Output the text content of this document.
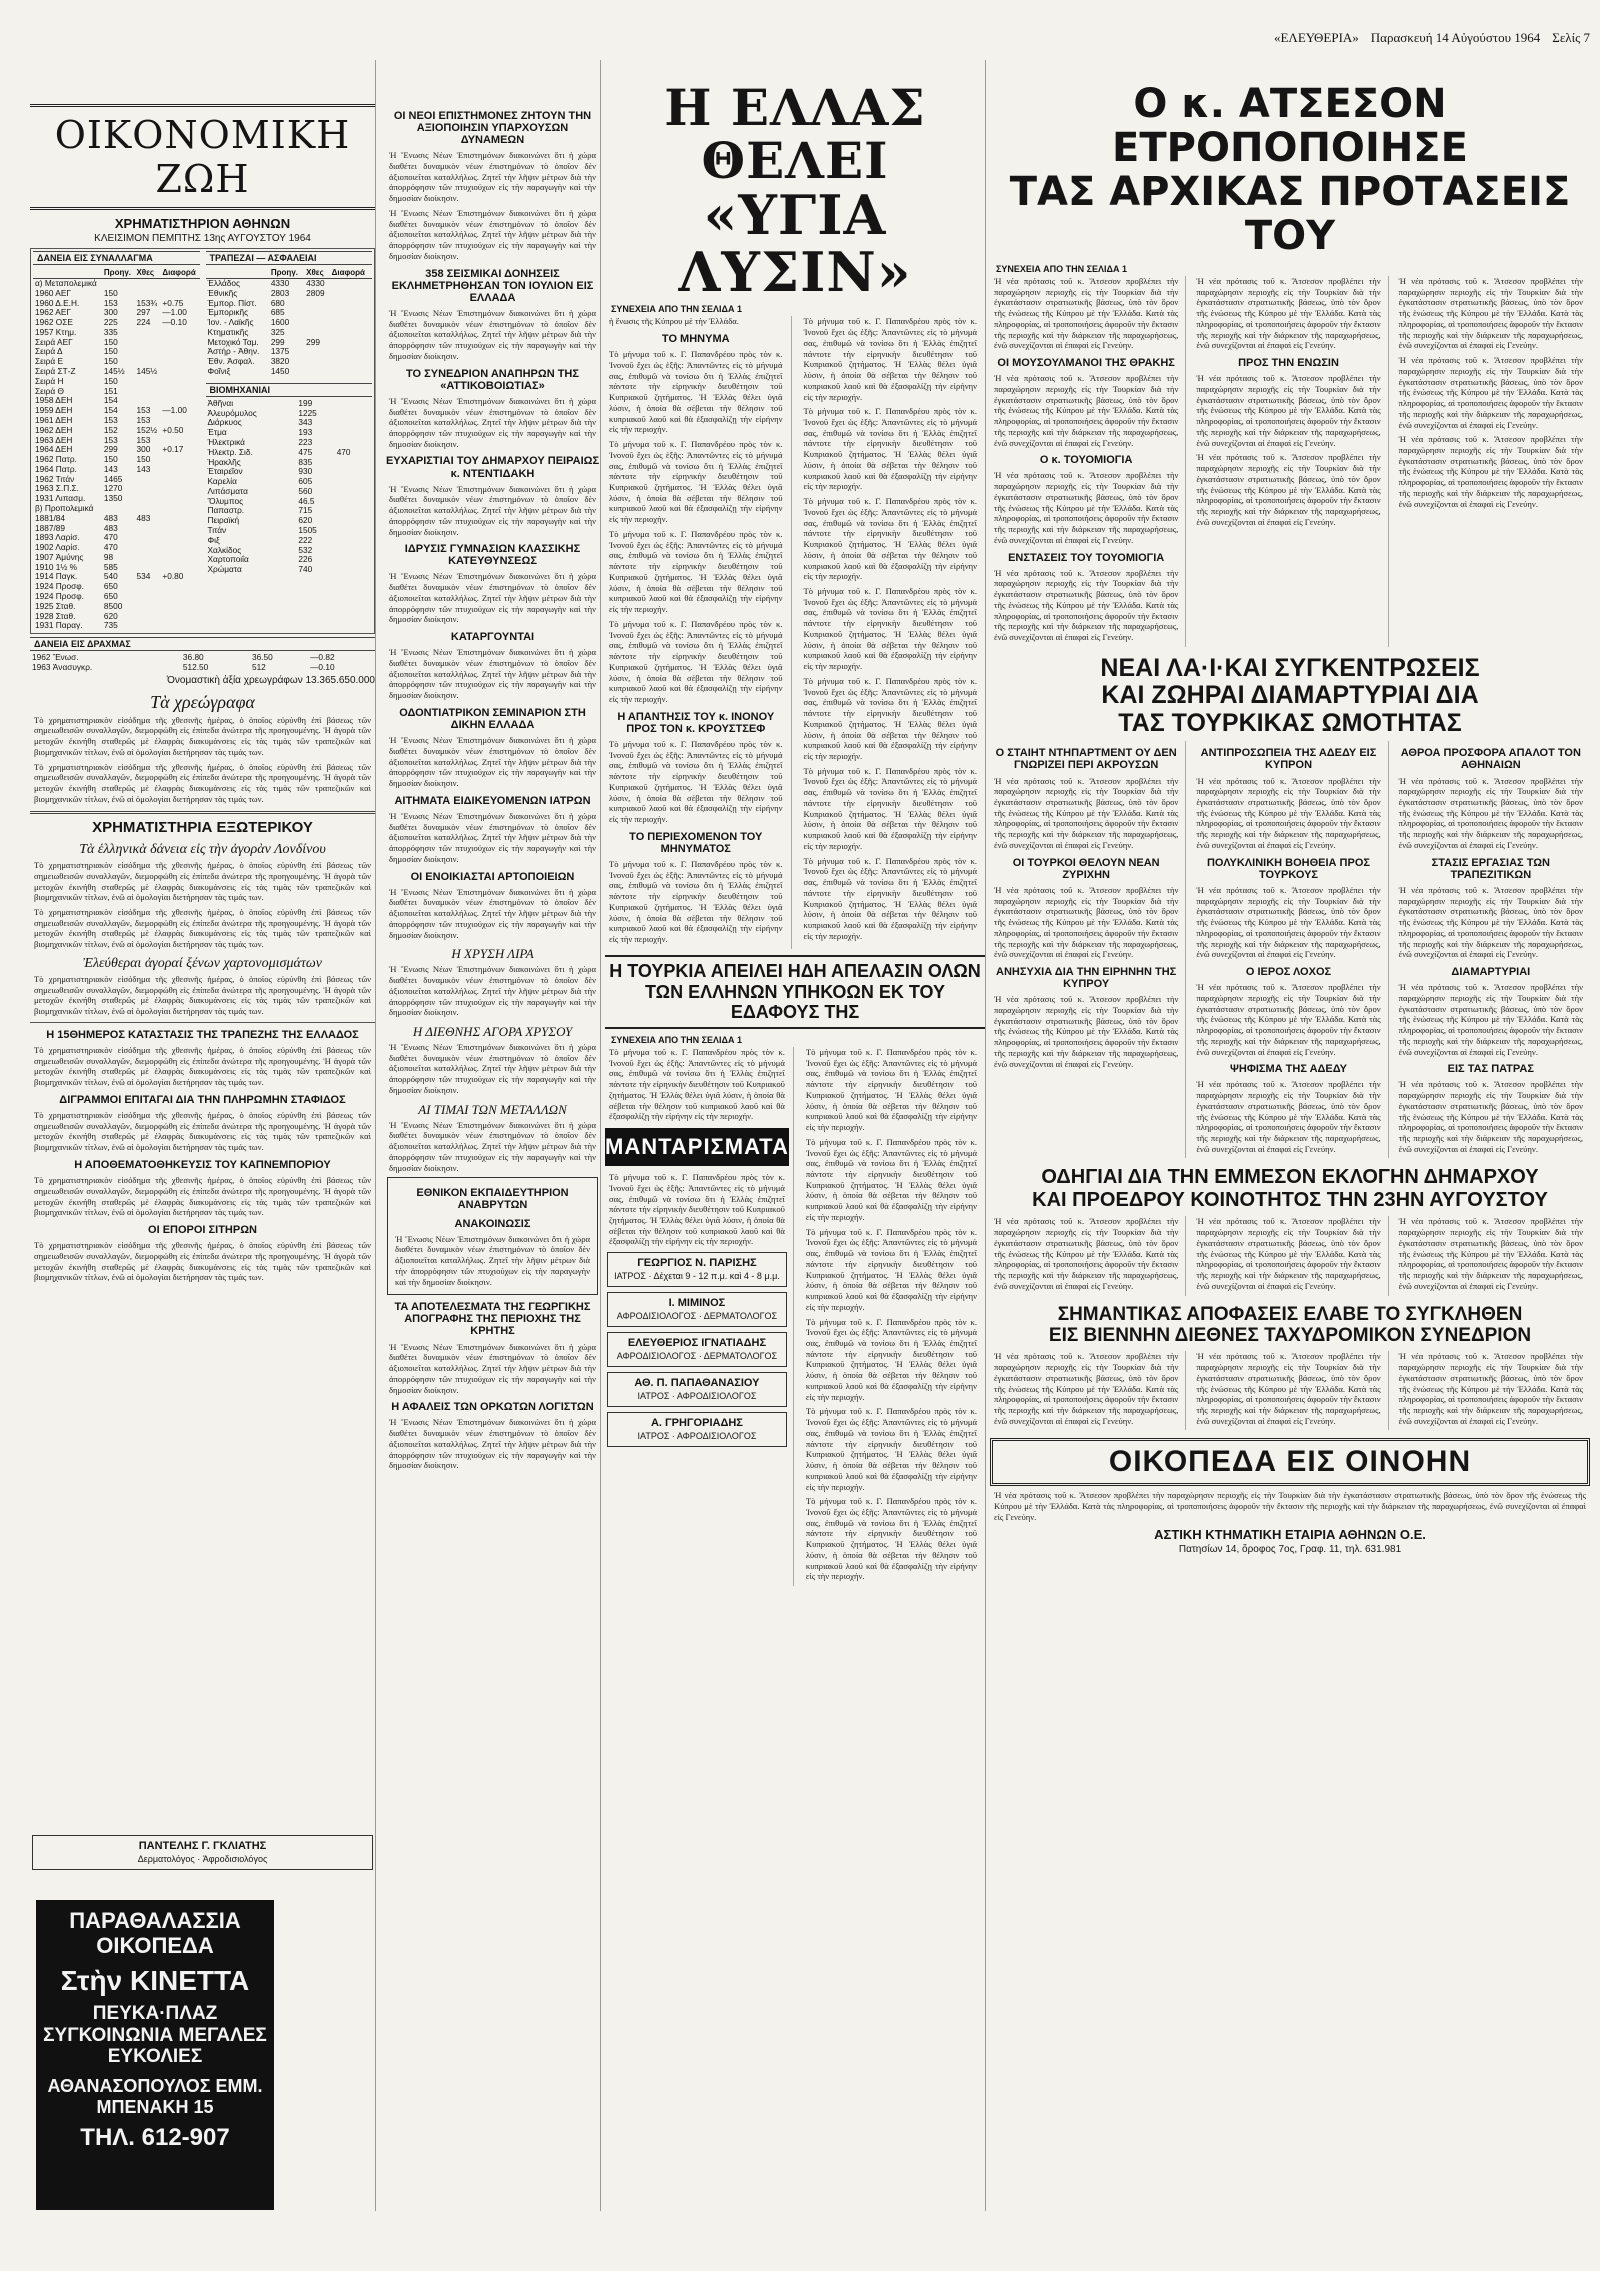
«ΕΛΕΥΘΕΡΙΑ» Παρασκευή 14 Αὐγούστου 1964 Σελίς 7
ΟΙΚΟΝΟΜΙΚΗ ΖΩΗ
ΧΡΗΜΑΤΙΣΤΗΡΙΟΝ ΑΘΗΝΩΝ
ΚΛΕΙΣΙΜΟΝ ΠΕΜΠΤΗΣ 13ης ΑΥΓΟΥΣΤΟΥ 1964
ΔΑΝΕΙΑ ΕΙΣ ΣΥΝΑΛΛΑΓΜΑ
	Προηγ.	Χθες	Διαφορά
α) Μεταπολεμικά			
1960 ΑΕΓ	150		
1960 Δ.Ε.Η.	153	153¾	+0.75
1962 ΑΕΓ	300	297	—1.00
1962 ΟΣΕ	225	224	—0.10
1957 Κτημ.	335		
Σειρά ΑΕΓ	150		
Σειρά Δ	150		
Σειρά Ε	150		
Σειρά ΣΤ-Ζ	145½	145½	
Σειρά Η	150		
Σειρά Θ	151		
1958 ΔΕΗ	154		
1959 ΔΕΗ	154	153	—1.00
1961 ΔΕΗ	153	153	
1962 ΔΕΗ	152	152½	+0.50
1963 ΔΕΗ	153	153	
1964 ΔΕΗ	299	300	+0.17
1962 Πατρ.	150	150	
1964 Πατρ.	143	143	
1962 Τιτάν	1465		
1963 Σ.Π.Σ.	1270		
1931 Λιπασμ.	1350		
β) Προπολεμικά			
1881/84	483	483	
1887/89	483		
1893 Λαρίσ.	470		
1902 Λαρίσ.	470		
1907 Ἀμύνης	98		
1910 1½ %	585		
1914 Παγκ.	540	534	+0.80
1924 Προσφ.	650		
1924 Προσφ.	650		
1925 Σταθ.	8500		
1928 Σταθ.	620		
1931 Παραγ.	735		
ΤΡΑΠΕΖΑΙ — ΑΣΦΑΛΕΙΑΙ
	Προηγ.	Χθες	Διαφορά
Ἑλλάδος	4330	4330	
Ἐθνικῆς	2803	2809	
Ἐμπορ. Πίστ.	680		
Ἐμπορικῆς	685		
Ἰον. - Λαϊκῆς	1600		
Κτηματικῆς	325		
Μετοχικό Ταμ.	299	299	
Ἀστήρ - Ἀθην.	1375		
Ἐθν. Ἀσφαλ.	3820		
Φοῖνιξ	1450		
ΒΙΟΜΗΧΑΝΙΑΙ
Ἀθῆναι	199		
Ἀλευρόμυλος	1225		
Διάρκυος	343		
Ἐτμα	193		
Ἠλεκτρικά	223		
Ἠλεκτρ. Σιδ.	475	470	
Ἡρακλῆς	835		
Ἑταιρεῖον	930		
Καρελία	605		
Λιπάσματα	560		
Ὄλυμπος	46.5		
Παπαστρ.	715		
Πειραϊκή	620		
Τιτάν	1505		
Φιξ	222		
Χαλκίδος	532		
Χαρτοποιΐα	226		
Χρώματα	740		
ΔΑΝΕΙΑ ΕΙΣ ΔΡΑΧΜΑΣ
1962 Ἔνωσ.	36.80	36.50	—0.82
1963 Ἀνασυγκρ.	512.50	512	—0.10
Ὀνομαστικὴ ἀξία χρεωγράφων 13.365.650.000
Τὰ χρεώγραφα

Τὸ χρηματιστηριακὸν εἰσόδημα τῆς χθεσινῆς ἡμέρας, ὁ ὁποῖος εὐρύνθη ἐπὶ βάσεως τῶν σημειωθεισῶν συναλλαγῶν, διεμορφώθη εἰς ἐπίπεδα ἀνώτερα τῆς προηγουμένης. Ἡ ἀγορὰ τῶν μετοχῶν ἐκινήθη σταθερῶς μὲ ἐλαφρὰς διακυμάνσεις εἰς τὰς τιμὰς τῶν τραπεζικῶν καὶ βιομηχανικῶν τίτλων, ἐνῶ αἱ ὁμολογίαι διετήρησαν τὰς τιμάς των.

Τὸ χρηματιστηριακὸν εἰσόδημα τῆς χθεσινῆς ἡμέρας, ὁ ὁποῖος εὐρύνθη ἐπὶ βάσεως τῶν σημειωθεισῶν συναλλαγῶν, διεμορφώθη εἰς ἐπίπεδα ἀνώτερα τῆς προηγουμένης. Ἡ ἀγορὰ τῶν μετοχῶν ἐκινήθη σταθερῶς μὲ ἐλαφρὰς διακυμάνσεις εἰς τὰς τιμὰς τῶν τραπεζικῶν καὶ βιομηχανικῶν τίτλων, ἐνῶ αἱ ὁμολογίαι διετήρησαν τὰς τιμάς των.

ΧΡΗΜΑΤΙΣΤΗΡΙΑ ΕΞΩΤΕΡΙΚΟΥ
Τὰ ἑλληνικὰ δάνεια εἰς τὴν ἀγορὰν Λονδίνου

Τὸ χρηματιστηριακὸν εἰσόδημα τῆς χθεσινῆς ἡμέρας, ὁ ὁποῖος εὐρύνθη ἐπὶ βάσεως τῶν σημειωθεισῶν συναλλαγῶν, διεμορφώθη εἰς ἐπίπεδα ἀνώτερα τῆς προηγουμένης. Ἡ ἀγορὰ τῶν μετοχῶν ἐκινήθη σταθερῶς μὲ ἐλαφρὰς διακυμάνσεις εἰς τὰς τιμὰς τῶν τραπεζικῶν καὶ βιομηχανικῶν τίτλων, ἐνῶ αἱ ὁμολογίαι διετήρησαν τὰς τιμάς των.

Τὸ χρηματιστηριακὸν εἰσόδημα τῆς χθεσινῆς ἡμέρας, ὁ ὁποῖος εὐρύνθη ἐπὶ βάσεως τῶν σημειωθεισῶν συναλλαγῶν, διεμορφώθη εἰς ἐπίπεδα ἀνώτερα τῆς προηγουμένης. Ἡ ἀγορὰ τῶν μετοχῶν ἐκινήθη σταθερῶς μὲ ἐλαφρὰς διακυμάνσεις εἰς τὰς τιμὰς τῶν τραπεζικῶν καὶ βιομηχανικῶν τίτλων, ἐνῶ αἱ ὁμολογίαι διετήρησαν τὰς τιμάς των.

Ἐλεύθεραι ἀγοραί ξένων χαρτονομισμάτων

Τὸ χρηματιστηριακὸν εἰσόδημα τῆς χθεσινῆς ἡμέρας, ὁ ὁποῖος εὐρύνθη ἐπὶ βάσεως τῶν σημειωθεισῶν συναλλαγῶν, διεμορφώθη εἰς ἐπίπεδα ἀνώτερα τῆς προηγουμένης. Ἡ ἀγορὰ τῶν μετοχῶν ἐκινήθη σταθερῶς μὲ ἐλαφρὰς διακυμάνσεις εἰς τὰς τιμὰς τῶν τραπεζικῶν καὶ βιομηχανικῶν τίτλων, ἐνῶ αἱ ὁμολογίαι διετήρησαν τὰς τιμάς των.

Η 15ΘΗΜΕΡΟΣ ΚΑΤΑΣΤΑΣΙΣ ΤΗΣ ΤΡΑΠΕΖΗΣ ΤΗΣ ΕΛΛΑΔΟΣ

Τὸ χρηματιστηριακὸν εἰσόδημα τῆς χθεσινῆς ἡμέρας, ὁ ὁποῖος εὐρύνθη ἐπὶ βάσεως τῶν σημειωθεισῶν συναλλαγῶν, διεμορφώθη εἰς ἐπίπεδα ἀνώτερα τῆς προηγουμένης. Ἡ ἀγορὰ τῶν μετοχῶν ἐκινήθη σταθερῶς μὲ ἐλαφρὰς διακυμάνσεις εἰς τὰς τιμὰς τῶν τραπεζικῶν καὶ βιομηχανικῶν τίτλων, ἐνῶ αἱ ὁμολογίαι διετήρησαν τὰς τιμάς των.

ΔΙΓΡΑΜΜΟΙ ΕΠΙΤΑΓΑΙ ΔΙΑ ΤΗΝ ΠΛΗΡΩΜΗΝ ΣΤΑΦΙΔΟΣ

Τὸ χρηματιστηριακὸν εἰσόδημα τῆς χθεσινῆς ἡμέρας, ὁ ὁποῖος εὐρύνθη ἐπὶ βάσεως τῶν σημειωθεισῶν συναλλαγῶν, διεμορφώθη εἰς ἐπίπεδα ἀνώτερα τῆς προηγουμένης. Ἡ ἀγορὰ τῶν μετοχῶν ἐκινήθη σταθερῶς μὲ ἐλαφρὰς διακυμάνσεις εἰς τὰς τιμὰς τῶν τραπεζικῶν καὶ βιομηχανικῶν τίτλων, ἐνῶ αἱ ὁμολογίαι διετήρησαν τὰς τιμάς των.

Η ΑΠΟΘΕΜΑΤΟΘΗΚΕΥΣΙΣ ΤΟΥ ΚΑΠΝΕΜΠΟΡΙΟΥ

Τὸ χρηματιστηριακὸν εἰσόδημα τῆς χθεσινῆς ἡμέρας, ὁ ὁποῖος εὐρύνθη ἐπὶ βάσεως τῶν σημειωθεισῶν συναλλαγῶν, διεμορφώθη εἰς ἐπίπεδα ἀνώτερα τῆς προηγουμένης. Ἡ ἀγορὰ τῶν μετοχῶν ἐκινήθη σταθερῶς μὲ ἐλαφρὰς διακυμάνσεις εἰς τὰς τιμὰς τῶν τραπεζικῶν καὶ βιομηχανικῶν τίτλων, ἐνῶ αἱ ὁμολογίαι διετήρησαν τὰς τιμάς των.

ΟΙ ΕΠΟΡΟΙ ΣΙΤΗΡΩΝ

Τὸ χρηματιστηριακὸν εἰσόδημα τῆς χθεσινῆς ἡμέρας, ὁ ὁποῖος εὐρύνθη ἐπὶ βάσεως τῶν σημειωθεισῶν συναλλαγῶν, διεμορφώθη εἰς ἐπίπεδα ἀνώτερα τῆς προηγουμένης. Ἡ ἀγορὰ τῶν μετοχῶν ἐκινήθη σταθερῶς μὲ ἐλαφρὰς διακυμάνσεις εἰς τὰς τιμὰς τῶν τραπεζικῶν καὶ βιομηχανικῶν τίτλων, ἐνῶ αἱ ὁμολογίαι διετήρησαν τὰς τιμάς των.

ΟΙ ΝΕΟΙ ΕΠΙΣΤΗΜΟΝΕΣ ΖΗΤΟΥΝ ΤΗΝ ΑΞΙΟΠΟΙΗΣΙΝ ΥΠΑΡΧΟΥΣΩΝ ΔΥΝΑΜΕΩΝ

Ἡ Ἕνωσις Νέων Ἐπιστημόνων διακοινώνει ὅτι ἡ χώρα διαθέτει δυναμικὸν νέων ἐπιστημόνων τὸ ὁποῖον δὲν ἀξιοποιεῖται καταλλήλως. Ζητεῖ τὴν λῆψιν μέτρων διὰ τὴν ἀπορρόφησιν τῶν πτυχιούχων εἰς τὴν παραγωγὴν καὶ τὴν δημοσίαν διοίκησιν.

Ἡ Ἕνωσις Νέων Ἐπιστημόνων διακοινώνει ὅτι ἡ χώρα διαθέτει δυναμικὸν νέων ἐπιστημόνων τὸ ὁποῖον δὲν ἀξιοποιεῖται καταλλήλως. Ζητεῖ τὴν λῆψιν μέτρων διὰ τὴν ἀπορρόφησιν τῶν πτυχιούχων εἰς τὴν παραγωγὴν καὶ τὴν δημοσίαν διοίκησιν.

358 ΣΕΙΣΜΙΚΑΙ ΔΟΝΗΣΕΙΣ ΕΚΛΗΜΕΤΡΗΘΗΣΑΝ ΤΟΝ ΙΟΥΛΙΟΝ ΕΙΣ ΕΛΛΑΔΑ

Ἡ Ἕνωσις Νέων Ἐπιστημόνων διακοινώνει ὅτι ἡ χώρα διαθέτει δυναμικὸν νέων ἐπιστημόνων τὸ ὁποῖον δὲν ἀξιοποιεῖται καταλλήλως. Ζητεῖ τὴν λῆψιν μέτρων διὰ τὴν ἀπορρόφησιν τῶν πτυχιούχων εἰς τὴν παραγωγὴν καὶ τὴν δημοσίαν διοίκησιν.

ΤΟ ΣΥΝΕΔΡΙΟΝ ΑΝΑΠΗΡΩΝ ΤΗΣ «ΑΤΤΙΚΟΒΟΙΩΤΙΑΣ»

Ἡ Ἕνωσις Νέων Ἐπιστημόνων διακοινώνει ὅτι ἡ χώρα διαθέτει δυναμικὸν νέων ἐπιστημόνων τὸ ὁποῖον δὲν ἀξιοποιεῖται καταλλήλως. Ζητεῖ τὴν λῆψιν μέτρων διὰ τὴν ἀπορρόφησιν τῶν πτυχιούχων εἰς τὴν παραγωγὴν καὶ τὴν δημοσίαν διοίκησιν.

ΕΥΧΑΡΙΣΤΙΑΙ ΤΟΥ ΔΗΜΑΡΧΟΥ ΠΕΙΡΑΙΩΣ κ. ΝΤΕΝΤΙΔΑΚΗ

Ἡ Ἕνωσις Νέων Ἐπιστημόνων διακοινώνει ὅτι ἡ χώρα διαθέτει δυναμικὸν νέων ἐπιστημόνων τὸ ὁποῖον δὲν ἀξιοποιεῖται καταλλήλως. Ζητεῖ τὴν λῆψιν μέτρων διὰ τὴν ἀπορρόφησιν τῶν πτυχιούχων εἰς τὴν παραγωγὴν καὶ τὴν δημοσίαν διοίκησιν.

ΙΔΡΥΣΙΣ ΓΥΜΝΑΣΙΩΝ ΚΛΑΣΣΙΚΗΣ ΚΑΤΕΥΘΥΝΣΕΩΣ

Ἡ Ἕνωσις Νέων Ἐπιστημόνων διακοινώνει ὅτι ἡ χώρα διαθέτει δυναμικὸν νέων ἐπιστημόνων τὸ ὁποῖον δὲν ἀξιοποιεῖται καταλλήλως. Ζητεῖ τὴν λῆψιν μέτρων διὰ τὴν ἀπορρόφησιν τῶν πτυχιούχων εἰς τὴν παραγωγὴν καὶ τὴν δημοσίαν διοίκησιν.

ΚΑΤΑΡΓΟΥΝΤΑΙ

Ἡ Ἕνωσις Νέων Ἐπιστημόνων διακοινώνει ὅτι ἡ χώρα διαθέτει δυναμικὸν νέων ἐπιστημόνων τὸ ὁποῖον δὲν ἀξιοποιεῖται καταλλήλως. Ζητεῖ τὴν λῆψιν μέτρων διὰ τὴν ἀπορρόφησιν τῶν πτυχιούχων εἰς τὴν παραγωγὴν καὶ τὴν δημοσίαν διοίκησιν.

ΟΔΟΝΤΙΑΤΡΙΚΟΝ ΣΕΜΙΝΑΡΙΟΝ ΣΤΗ ΔΙΚΗΝ ΕΛΛΑΔΑ

Ἡ Ἕνωσις Νέων Ἐπιστημόνων διακοινώνει ὅτι ἡ χώρα διαθέτει δυναμικὸν νέων ἐπιστημόνων τὸ ὁποῖον δὲν ἀξιοποιεῖται καταλλήλως. Ζητεῖ τὴν λῆψιν μέτρων διὰ τὴν ἀπορρόφησιν τῶν πτυχιούχων εἰς τὴν παραγωγὴν καὶ τὴν δημοσίαν διοίκησιν.

ΑΙΤΗΜΑΤΑ ΕΙΔΙΚΕΥΟΜΕΝΩΝ ΙΑΤΡΩΝ

Ἡ Ἕνωσις Νέων Ἐπιστημόνων διακοινώνει ὅτι ἡ χώρα διαθέτει δυναμικὸν νέων ἐπιστημόνων τὸ ὁποῖον δὲν ἀξιοποιεῖται καταλλήλως. Ζητεῖ τὴν λῆψιν μέτρων διὰ τὴν ἀπορρόφησιν τῶν πτυχιούχων εἰς τὴν παραγωγὴν καὶ τὴν δημοσίαν διοίκησιν.

ΟΙ ΕΝΟΙΚΙΑΣΤΑΙ ΑΡΤΟΠΟΙΕΙΩΝ

Ἡ Ἕνωσις Νέων Ἐπιστημόνων διακοινώνει ὅτι ἡ χώρα διαθέτει δυναμικὸν νέων ἐπιστημόνων τὸ ὁποῖον δὲν ἀξιοποιεῖται καταλλήλως. Ζητεῖ τὴν λῆψιν μέτρων διὰ τὴν ἀπορρόφησιν τῶν πτυχιούχων εἰς τὴν παραγωγὴν καὶ τὴν δημοσίαν διοίκησιν.

Η ΧΡΥΣΗ ΛΙΡΑ

Ἡ Ἕνωσις Νέων Ἐπιστημόνων διακοινώνει ὅτι ἡ χώρα διαθέτει δυναμικὸν νέων ἐπιστημόνων τὸ ὁποῖον δὲν ἀξιοποιεῖται καταλλήλως. Ζητεῖ τὴν λῆψιν μέτρων διὰ τὴν ἀπορρόφησιν τῶν πτυχιούχων εἰς τὴν παραγωγὴν καὶ τὴν δημοσίαν διοίκησιν.

Η ΔΙΕΘΝΗΣ ΑΓΟΡΑ ΧΡΥΣΟΥ

Ἡ Ἕνωσις Νέων Ἐπιστημόνων διακοινώνει ὅτι ἡ χώρα διαθέτει δυναμικὸν νέων ἐπιστημόνων τὸ ὁποῖον δὲν ἀξιοποιεῖται καταλλήλως. Ζητεῖ τὴν λῆψιν μέτρων διὰ τὴν ἀπορρόφησιν τῶν πτυχιούχων εἰς τὴν παραγωγὴν καὶ τὴν δημοσίαν διοίκησιν.

ΑΙ ΤΙΜΑΙ ΤΩΝ ΜΕΤΑΛΛΩΝ

Ἡ Ἕνωσις Νέων Ἐπιστημόνων διακοινώνει ὅτι ἡ χώρα διαθέτει δυναμικὸν νέων ἐπιστημόνων τὸ ὁποῖον δὲν ἀξιοποιεῖται καταλλήλως. Ζητεῖ τὴν λῆψιν μέτρων διὰ τὴν ἀπορρόφησιν τῶν πτυχιούχων εἰς τὴν παραγωγὴν καὶ τὴν δημοσίαν διοίκησιν.

ΕΘΝΙΚΟΝ ΕΚΠΑΙΔΕΥΤΗΡΙΟΝ ΑΝΑΒΡΥΤΩΝ
ΑΝΑΚΟΙΝΩΣΙΣ

Ἡ Ἕνωσις Νέων Ἐπιστημόνων διακοινώνει ὅτι ἡ χώρα διαθέτει δυναμικὸν νέων ἐπιστημόνων τὸ ὁποῖον δὲν ἀξιοποιεῖται καταλλήλως. Ζητεῖ τὴν λῆψιν μέτρων διὰ τὴν ἀπορρόφησιν τῶν πτυχιούχων εἰς τὴν παραγωγὴν καὶ τὴν δημοσίαν διοίκησιν.

ΤΑ ΑΠΟΤΕΛΕΣΜΑΤΑ ΤΗΣ ΓΕΩΡΓΙΚΗΣ ΑΠΟΓΡΑΦΗΣ ΤΗΣ ΠΕΡΙΟΧΗΣ ΤΗΣ ΚΡΗΤΗΣ

Ἡ Ἕνωσις Νέων Ἐπιστημόνων διακοινώνει ὅτι ἡ χώρα διαθέτει δυναμικὸν νέων ἐπιστημόνων τὸ ὁποῖον δὲν ἀξιοποιεῖται καταλλήλως. Ζητεῖ τὴν λῆψιν μέτρων διὰ τὴν ἀπορρόφησιν τῶν πτυχιούχων εἰς τὴν παραγωγὴν καὶ τὴν δημοσίαν διοίκησιν.

Η ΑΦΑΛΕΙΣ ΤΩΝ ΟΡΚΩΤΩΝ ΛΟΓΙΣΤΩΝ

Ἡ Ἕνωσις Νέων Ἐπιστημόνων διακοινώνει ὅτι ἡ χώρα διαθέτει δυναμικὸν νέων ἐπιστημόνων τὸ ὁποῖον δὲν ἀξιοποιεῖται καταλλήλως. Ζητεῖ τὴν λῆψιν μέτρων διὰ τὴν ἀπορρόφησιν τῶν πτυχιούχων εἰς τὴν παραγωγὴν καὶ τὴν δημοσίαν διοίκησιν.

ΠΑΝΤΕΛΗΣ Γ. ΓΚΛΙΑΤΗΣ
Δερματολόγος · Ἀφροδισιολόγος
ΠΑΡΑΘΑΛΑΣΣΙΑ ΟΙΚΟΠΕΔΑ
Στὴν ΚΙΝΕΤΤΑ
ΠΕΥΚΑ·ΠΛΑΖ ΣΥΓΚΟΙΝΩΝΙΑ ΜΕΓΑΛΕΣ ΕΥΚΟΛΙΕΣ
ΑΘΑΝΑΣΟΠΟΥΛΟΣ ΕΜΜ. ΜΠΕΝΑΚΗ 15
ΤΗΛ. 612-907
Η ΕΛΛΑΣ ΘΕΛΕΙ
«ΥΓΙΑ ΛΥΣΙΝ»
ΣΥΝΕΧΕΙΑ ΑΠΟ ΤΗΝ ΣΕΛΙΔΑ 1

ἡ ἕνωσις τῆς Κύπρου μὲ τὴν Ἑλλάδα.

ΤΟ ΜΗΝΥΜΑ

Τὸ μήνυμα τοῦ κ. Γ. Παπανδρέου πρὸς τὸν κ. Ἰνονοῦ ἔχει ὡς ἑξῆς: Ἀπαντῶντες εἰς τὸ μήνυμά σας, ἐπιθυμῶ νὰ τονίσω ὅτι ἡ Ἑλλὰς ἐπιζητεῖ πάντοτε τὴν εἰρηνικὴν διευθέτησιν τοῦ Κυπριακοῦ ζητήματος. Ἡ Ἑλλὰς θέλει ὑγιᾶ λύσιν, ἡ ὁποία θὰ σέβεται τὴν θέλησιν τοῦ κυπριακοῦ λαοῦ καὶ θὰ ἐξασφαλίζῃ τὴν εἰρήνην εἰς τὴν περιοχήν.

Τὸ μήνυμα τοῦ κ. Γ. Παπανδρέου πρὸς τὸν κ. Ἰνονοῦ ἔχει ὡς ἑξῆς: Ἀπαντῶντες εἰς τὸ μήνυμά σας, ἐπιθυμῶ νὰ τονίσω ὅτι ἡ Ἑλλὰς ἐπιζητεῖ πάντοτε τὴν εἰρηνικὴν διευθέτησιν τοῦ Κυπριακοῦ ζητήματος. Ἡ Ἑλλὰς θέλει ὑγιᾶ λύσιν, ἡ ὁποία θὰ σέβεται τὴν θέλησιν τοῦ κυπριακοῦ λαοῦ καὶ θὰ ἐξασφαλίζῃ τὴν εἰρήνην εἰς τὴν περιοχήν.

Τὸ μήνυμα τοῦ κ. Γ. Παπανδρέου πρὸς τὸν κ. Ἰνονοῦ ἔχει ὡς ἑξῆς: Ἀπαντῶντες εἰς τὸ μήνυμά σας, ἐπιθυμῶ νὰ τονίσω ὅτι ἡ Ἑλλὰς ἐπιζητεῖ πάντοτε τὴν εἰρηνικὴν διευθέτησιν τοῦ Κυπριακοῦ ζητήματος. Ἡ Ἑλλὰς θέλει ὑγιᾶ λύσιν, ἡ ὁποία θὰ σέβεται τὴν θέλησιν τοῦ κυπριακοῦ λαοῦ καὶ θὰ ἐξασφαλίζῃ τὴν εἰρήνην εἰς τὴν περιοχήν.

Τὸ μήνυμα τοῦ κ. Γ. Παπανδρέου πρὸς τὸν κ. Ἰνονοῦ ἔχει ὡς ἑξῆς: Ἀπαντῶντες εἰς τὸ μήνυμά σας, ἐπιθυμῶ νὰ τονίσω ὅτι ἡ Ἑλλὰς ἐπιζητεῖ πάντοτε τὴν εἰρηνικὴν διευθέτησιν τοῦ Κυπριακοῦ ζητήματος. Ἡ Ἑλλὰς θέλει ὑγιᾶ λύσιν, ἡ ὁποία θὰ σέβεται τὴν θέλησιν τοῦ κυπριακοῦ λαοῦ καὶ θὰ ἐξασφαλίζῃ τὴν εἰρήνην εἰς τὴν περιοχήν.

Η ΑΠΑΝΤΗΣΙΣ ΤΟΥ κ. ΙΝΟΝΟΥ ΠΡΟΣ ΤΟΝ κ. ΚΡΟΥΣΤΣΕΦ

Τὸ μήνυμα τοῦ κ. Γ. Παπανδρέου πρὸς τὸν κ. Ἰνονοῦ ἔχει ὡς ἑξῆς: Ἀπαντῶντες εἰς τὸ μήνυμά σας, ἐπιθυμῶ νὰ τονίσω ὅτι ἡ Ἑλλὰς ἐπιζητεῖ πάντοτε τὴν εἰρηνικὴν διευθέτησιν τοῦ Κυπριακοῦ ζητήματος. Ἡ Ἑλλὰς θέλει ὑγιᾶ λύσιν, ἡ ὁποία θὰ σέβεται τὴν θέλησιν τοῦ κυπριακοῦ λαοῦ καὶ θὰ ἐξασφαλίζῃ τὴν εἰρήνην εἰς τὴν περιοχήν.

ΤΟ ΠΕΡΙΕΧΟΜΕΝΟΝ ΤΟΥ ΜΗΝΥΜΑΤΟΣ

Τὸ μήνυμα τοῦ κ. Γ. Παπανδρέου πρὸς τὸν κ. Ἰνονοῦ ἔχει ὡς ἑξῆς: Ἀπαντῶντες εἰς τὸ μήνυμά σας, ἐπιθυμῶ νὰ τονίσω ὅτι ἡ Ἑλλὰς ἐπιζητεῖ πάντοτε τὴν εἰρηνικὴν διευθέτησιν τοῦ Κυπριακοῦ ζητήματος. Ἡ Ἑλλὰς θέλει ὑγιᾶ λύσιν, ἡ ὁποία θὰ σέβεται τὴν θέλησιν τοῦ κυπριακοῦ λαοῦ καὶ θὰ ἐξασφαλίζῃ τὴν εἰρήνην εἰς τὴν περιοχήν.

Τὸ μήνυμα τοῦ κ. Γ. Παπανδρέου πρὸς τὸν κ. Ἰνονοῦ ἔχει ὡς ἑξῆς: Ἀπαντῶντες εἰς τὸ μήνυμά σας, ἐπιθυμῶ νὰ τονίσω ὅτι ἡ Ἑλλὰς ἐπιζητεῖ πάντοτε τὴν εἰρηνικὴν διευθέτησιν τοῦ Κυπριακοῦ ζητήματος. Ἡ Ἑλλὰς θέλει ὑγιᾶ λύσιν, ἡ ὁποία θὰ σέβεται τὴν θέλησιν τοῦ κυπριακοῦ λαοῦ καὶ θὰ ἐξασφαλίζῃ τὴν εἰρήνην εἰς τὴν περιοχήν.

Τὸ μήνυμα τοῦ κ. Γ. Παπανδρέου πρὸς τὸν κ. Ἰνονοῦ ἔχει ὡς ἑξῆς: Ἀπαντῶντες εἰς τὸ μήνυμά σας, ἐπιθυμῶ νὰ τονίσω ὅτι ἡ Ἑλλὰς ἐπιζητεῖ πάντοτε τὴν εἰρηνικὴν διευθέτησιν τοῦ Κυπριακοῦ ζητήματος. Ἡ Ἑλλὰς θέλει ὑγιᾶ λύσιν, ἡ ὁποία θὰ σέβεται τὴν θέλησιν τοῦ κυπριακοῦ λαοῦ καὶ θὰ ἐξασφαλίζῃ τὴν εἰρήνην εἰς τὴν περιοχήν.

Τὸ μήνυμα τοῦ κ. Γ. Παπανδρέου πρὸς τὸν κ. Ἰνονοῦ ἔχει ὡς ἑξῆς: Ἀπαντῶντες εἰς τὸ μήνυμά σας, ἐπιθυμῶ νὰ τονίσω ὅτι ἡ Ἑλλὰς ἐπιζητεῖ πάντοτε τὴν εἰρηνικὴν διευθέτησιν τοῦ Κυπριακοῦ ζητήματος. Ἡ Ἑλλὰς θέλει ὑγιᾶ λύσιν, ἡ ὁποία θὰ σέβεται τὴν θέλησιν τοῦ κυπριακοῦ λαοῦ καὶ θὰ ἐξασφαλίζῃ τὴν εἰρήνην εἰς τὴν περιοχήν.

Τὸ μήνυμα τοῦ κ. Γ. Παπανδρέου πρὸς τὸν κ. Ἰνονοῦ ἔχει ὡς ἑξῆς: Ἀπαντῶντες εἰς τὸ μήνυμά σας, ἐπιθυμῶ νὰ τονίσω ὅτι ἡ Ἑλλὰς ἐπιζητεῖ πάντοτε τὴν εἰρηνικὴν διευθέτησιν τοῦ Κυπριακοῦ ζητήματος. Ἡ Ἑλλὰς θέλει ὑγιᾶ λύσιν, ἡ ὁποία θὰ σέβεται τὴν θέλησιν τοῦ κυπριακοῦ λαοῦ καὶ θὰ ἐξασφαλίζῃ τὴν εἰρήνην εἰς τὴν περιοχήν.

Τὸ μήνυμα τοῦ κ. Γ. Παπανδρέου πρὸς τὸν κ. Ἰνονοῦ ἔχει ὡς ἑξῆς: Ἀπαντῶντες εἰς τὸ μήνυμά σας, ἐπιθυμῶ νὰ τονίσω ὅτι ἡ Ἑλλὰς ἐπιζητεῖ πάντοτε τὴν εἰρηνικὴν διευθέτησιν τοῦ Κυπριακοῦ ζητήματος. Ἡ Ἑλλὰς θέλει ὑγιᾶ λύσιν, ἡ ὁποία θὰ σέβεται τὴν θέλησιν τοῦ κυπριακοῦ λαοῦ καὶ θὰ ἐξασφαλίζῃ τὴν εἰρήνην εἰς τὴν περιοχήν.

Τὸ μήνυμα τοῦ κ. Γ. Παπανδρέου πρὸς τὸν κ. Ἰνονοῦ ἔχει ὡς ἑξῆς: Ἀπαντῶντες εἰς τὸ μήνυμά σας, ἐπιθυμῶ νὰ τονίσω ὅτι ἡ Ἑλλὰς ἐπιζητεῖ πάντοτε τὴν εἰρηνικὴν διευθέτησιν τοῦ Κυπριακοῦ ζητήματος. Ἡ Ἑλλὰς θέλει ὑγιᾶ λύσιν, ἡ ὁποία θὰ σέβεται τὴν θέλησιν τοῦ κυπριακοῦ λαοῦ καὶ θὰ ἐξασφαλίζῃ τὴν εἰρήνην εἰς τὴν περιοχήν.

Τὸ μήνυμα τοῦ κ. Γ. Παπανδρέου πρὸς τὸν κ. Ἰνονοῦ ἔχει ὡς ἑξῆς: Ἀπαντῶντες εἰς τὸ μήνυμά σας, ἐπιθυμῶ νὰ τονίσω ὅτι ἡ Ἑλλὰς ἐπιζητεῖ πάντοτε τὴν εἰρηνικὴν διευθέτησιν τοῦ Κυπριακοῦ ζητήματος. Ἡ Ἑλλὰς θέλει ὑγιᾶ λύσιν, ἡ ὁποία θὰ σέβεται τὴν θέλησιν τοῦ κυπριακοῦ λαοῦ καὶ θὰ ἐξασφαλίζῃ τὴν εἰρήνην εἰς τὴν περιοχήν.

Η ΤΟΥΡΚΙΑ ΑΠΕΙΛΕΙ ΗΔΗ ΑΠΕΛΑΣΙΝ ΟΛΩΝ ΤΩΝ ΕΛΛΗΝΩΝ ΥΠΗΚΟΩΝ ΕΚ ΤΟΥ ΕΔΑΦΟΥΣ ΤΗΣ
ΣΥΝΕΧΕΙΑ ΑΠΟ ΤΗΝ ΣΕΛΙΔΑ 1

Τὸ μήνυμα τοῦ κ. Γ. Παπανδρέου πρὸς τὸν κ. Ἰνονοῦ ἔχει ὡς ἑξῆς: Ἀπαντῶντες εἰς τὸ μήνυμά σας, ἐπιθυμῶ νὰ τονίσω ὅτι ἡ Ἑλλὰς ἐπιζητεῖ πάντοτε τὴν εἰρηνικὴν διευθέτησιν τοῦ Κυπριακοῦ ζητήματος. Ἡ Ἑλλὰς θέλει ὑγιᾶ λύσιν, ἡ ὁποία θὰ σέβεται τὴν θέλησιν τοῦ κυπριακοῦ λαοῦ καὶ θὰ ἐξασφαλίζῃ τὴν εἰρήνην εἰς τὴν περιοχήν.

ΜΑΝΤΑΡΙΣΜΑΤΑ

Τὸ μήνυμα τοῦ κ. Γ. Παπανδρέου πρὸς τὸν κ. Ἰνονοῦ ἔχει ὡς ἑξῆς: Ἀπαντῶντες εἰς τὸ μήνυμά σας, ἐπιθυμῶ νὰ τονίσω ὅτι ἡ Ἑλλὰς ἐπιζητεῖ πάντοτε τὴν εἰρηνικὴν διευθέτησιν τοῦ Κυπριακοῦ ζητήματος. Ἡ Ἑλλὰς θέλει ὑγιᾶ λύσιν, ἡ ὁποία θὰ σέβεται τὴν θέλησιν τοῦ κυπριακοῦ λαοῦ καὶ θὰ ἐξασφαλίζῃ τὴν εἰρήνην εἰς τὴν περιοχήν.

ΓΕΩΡΓΙΟΣ Ν. ΠΑΡΙΣΗΣ
ΙΑΤΡΟΣ · Δέχεται 9 - 12 π.μ. καὶ 4 - 8 μ.μ.
Ι. ΜΙΜΙΝΟΣ
ΑΦΡΟΔΙΣΙΟΛΟΓΟΣ · ΔΕΡΜΑΤΟΛΟΓΟΣ
ΕΛΕΥΘΕΡΙΟΣ ΙΓΝΑΤΙΑΔΗΣ
ΑΦΡΟΔΙΣΙΟΛΟΓΟΣ · ΔΕΡΜΑΤΟΛΟΓΟΣ
ΑΘ. Π. ΠΑΠΑΘΑΝΑΣΙΟΥ
ΙΑΤΡΟΣ · ΑΦΡΟΔΙΣΙΟΛΟΓΟΣ
Α. ΓΡΗΓΟΡΙΑΔΗΣ
ΙΑΤΡΟΣ · ΑΦΡΟΔΙΣΙΟΛΟΓΟΣ

Τὸ μήνυμα τοῦ κ. Γ. Παπανδρέου πρὸς τὸν κ. Ἰνονοῦ ἔχει ὡς ἑξῆς: Ἀπαντῶντες εἰς τὸ μήνυμά σας, ἐπιθυμῶ νὰ τονίσω ὅτι ἡ Ἑλλὰς ἐπιζητεῖ πάντοτε τὴν εἰρηνικὴν διευθέτησιν τοῦ Κυπριακοῦ ζητήματος. Ἡ Ἑλλὰς θέλει ὑγιᾶ λύσιν, ἡ ὁποία θὰ σέβεται τὴν θέλησιν τοῦ κυπριακοῦ λαοῦ καὶ θὰ ἐξασφαλίζῃ τὴν εἰρήνην εἰς τὴν περιοχήν.

Τὸ μήνυμα τοῦ κ. Γ. Παπανδρέου πρὸς τὸν κ. Ἰνονοῦ ἔχει ὡς ἑξῆς: Ἀπαντῶντες εἰς τὸ μήνυμά σας, ἐπιθυμῶ νὰ τονίσω ὅτι ἡ Ἑλλὰς ἐπιζητεῖ πάντοτε τὴν εἰρηνικὴν διευθέτησιν τοῦ Κυπριακοῦ ζητήματος. Ἡ Ἑλλὰς θέλει ὑγιᾶ λύσιν, ἡ ὁποία θὰ σέβεται τὴν θέλησιν τοῦ κυπριακοῦ λαοῦ καὶ θὰ ἐξασφαλίζῃ τὴν εἰρήνην εἰς τὴν περιοχήν.

Τὸ μήνυμα τοῦ κ. Γ. Παπανδρέου πρὸς τὸν κ. Ἰνονοῦ ἔχει ὡς ἑξῆς: Ἀπαντῶντες εἰς τὸ μήνυμά σας, ἐπιθυμῶ νὰ τονίσω ὅτι ἡ Ἑλλὰς ἐπιζητεῖ πάντοτε τὴν εἰρηνικὴν διευθέτησιν τοῦ Κυπριακοῦ ζητήματος. Ἡ Ἑλλὰς θέλει ὑγιᾶ λύσιν, ἡ ὁποία θὰ σέβεται τὴν θέλησιν τοῦ κυπριακοῦ λαοῦ καὶ θὰ ἐξασφαλίζῃ τὴν εἰρήνην εἰς τὴν περιοχήν.

Τὸ μήνυμα τοῦ κ. Γ. Παπανδρέου πρὸς τὸν κ. Ἰνονοῦ ἔχει ὡς ἑξῆς: Ἀπαντῶντες εἰς τὸ μήνυμά σας, ἐπιθυμῶ νὰ τονίσω ὅτι ἡ Ἑλλὰς ἐπιζητεῖ πάντοτε τὴν εἰρηνικὴν διευθέτησιν τοῦ Κυπριακοῦ ζητήματος. Ἡ Ἑλλὰς θέλει ὑγιᾶ λύσιν, ἡ ὁποία θὰ σέβεται τὴν θέλησιν τοῦ κυπριακοῦ λαοῦ καὶ θὰ ἐξασφαλίζῃ τὴν εἰρήνην εἰς τὴν περιοχήν.

Τὸ μήνυμα τοῦ κ. Γ. Παπανδρέου πρὸς τὸν κ. Ἰνονοῦ ἔχει ὡς ἑξῆς: Ἀπαντῶντες εἰς τὸ μήνυμά σας, ἐπιθυμῶ νὰ τονίσω ὅτι ἡ Ἑλλὰς ἐπιζητεῖ πάντοτε τὴν εἰρηνικὴν διευθέτησιν τοῦ Κυπριακοῦ ζητήματος. Ἡ Ἑλλὰς θέλει ὑγιᾶ λύσιν, ἡ ὁποία θὰ σέβεται τὴν θέλησιν τοῦ κυπριακοῦ λαοῦ καὶ θὰ ἐξασφαλίζῃ τὴν εἰρήνην εἰς τὴν περιοχήν.

Τὸ μήνυμα τοῦ κ. Γ. Παπανδρέου πρὸς τὸν κ. Ἰνονοῦ ἔχει ὡς ἑξῆς: Ἀπαντῶντες εἰς τὸ μήνυμά σας, ἐπιθυμῶ νὰ τονίσω ὅτι ἡ Ἑλλὰς ἐπιζητεῖ πάντοτε τὴν εἰρηνικὴν διευθέτησιν τοῦ Κυπριακοῦ ζητήματος. Ἡ Ἑλλὰς θέλει ὑγιᾶ λύσιν, ἡ ὁποία θὰ σέβεται τὴν θέλησιν τοῦ κυπριακοῦ λαοῦ καὶ θὰ ἐξασφαλίζῃ τὴν εἰρήνην εἰς τὴν περιοχήν.

Ο κ. ΑΤΣΕΣΟΝ ΕΤΡΟΠΟΠΟΙΗΣΕ
ΤΑΣ ΑΡΧΙΚΑΣ ΠΡΟΤΑΣΕΙΣ ΤΟΥ
ΣΥΝΕΧΕΙΑ ΑΠΟ ΤΗΝ ΣΕΛΙΔΑ 1

Ἡ νέα πρότασις τοῦ κ. Ἄτσεσον προβλέπει τὴν παραχώρησιν περιοχῆς εἰς τὴν Τουρκίαν διὰ τὴν ἐγκατάστασιν στρατιωτικῆς βάσεως, ὑπὸ τὸν ὅρον τῆς ἑνώσεως τῆς Κύπρου μὲ τὴν Ἑλλάδα. Κατὰ τὰς πληροφορίας, αἱ τροποποιήσεις ἀφοροῦν τὴν ἔκτασιν τῆς περιοχῆς καὶ τὴν διάρκειαν τῆς παραχωρήσεως, ἐνῶ συνεχίζονται αἱ ἐπαφαὶ εἰς Γενεύην.

ΟΙ ΜΟΥΣΟΥΛΜΑΝΟΙ ΤΗΣ ΘΡΑΚΗΣ

Ἡ νέα πρότασις τοῦ κ. Ἄτσεσον προβλέπει τὴν παραχώρησιν περιοχῆς εἰς τὴν Τουρκίαν διὰ τὴν ἐγκατάστασιν στρατιωτικῆς βάσεως, ὑπὸ τὸν ὅρον τῆς ἑνώσεως τῆς Κύπρου μὲ τὴν Ἑλλάδα. Κατὰ τὰς πληροφορίας, αἱ τροποποιήσεις ἀφοροῦν τὴν ἔκτασιν τῆς περιοχῆς καὶ τὴν διάρκειαν τῆς παραχωρήσεως, ἐνῶ συνεχίζονται αἱ ἐπαφαὶ εἰς Γενεύην.

Ο κ. ΤΟΥΟΜΙΟΓΙΑ

Ἡ νέα πρότασις τοῦ κ. Ἄτσεσον προβλέπει τὴν παραχώρησιν περιοχῆς εἰς τὴν Τουρκίαν διὰ τὴν ἐγκατάστασιν στρατιωτικῆς βάσεως, ὑπὸ τὸν ὅρον τῆς ἑνώσεως τῆς Κύπρου μὲ τὴν Ἑλλάδα. Κατὰ τὰς πληροφορίας, αἱ τροποποιήσεις ἀφοροῦν τὴν ἔκτασιν τῆς περιοχῆς καὶ τὴν διάρκειαν τῆς παραχωρήσεως, ἐνῶ συνεχίζονται αἱ ἐπαφαὶ εἰς Γενεύην.

ΕΝΣΤΑΣΕΙΣ ΤΟΥ ΤΟΥΟΜΙΟΓΙΑ

Ἡ νέα πρότασις τοῦ κ. Ἄτσεσον προβλέπει τὴν παραχώρησιν περιοχῆς εἰς τὴν Τουρκίαν διὰ τὴν ἐγκατάστασιν στρατιωτικῆς βάσεως, ὑπὸ τὸν ὅρον τῆς ἑνώσεως τῆς Κύπρου μὲ τὴν Ἑλλάδα. Κατὰ τὰς πληροφορίας, αἱ τροποποιήσεις ἀφοροῦν τὴν ἔκτασιν τῆς περιοχῆς καὶ τὴν διάρκειαν τῆς παραχωρήσεως, ἐνῶ συνεχίζονται αἱ ἐπαφαὶ εἰς Γενεύην.

Ἡ νέα πρότασις τοῦ κ. Ἄτσεσον προβλέπει τὴν παραχώρησιν περιοχῆς εἰς τὴν Τουρκίαν διὰ τὴν ἐγκατάστασιν στρατιωτικῆς βάσεως, ὑπὸ τὸν ὅρον τῆς ἑνώσεως τῆς Κύπρου μὲ τὴν Ἑλλάδα. Κατὰ τὰς πληροφορίας, αἱ τροποποιήσεις ἀφοροῦν τὴν ἔκτασιν τῆς περιοχῆς καὶ τὴν διάρκειαν τῆς παραχωρήσεως, ἐνῶ συνεχίζονται αἱ ἐπαφαὶ εἰς Γενεύην.

ΠΡΟΣ ΤΗΝ ΕΝΩΣΙΝ

Ἡ νέα πρότασις τοῦ κ. Ἄτσεσον προβλέπει τὴν παραχώρησιν περιοχῆς εἰς τὴν Τουρκίαν διὰ τὴν ἐγκατάστασιν στρατιωτικῆς βάσεως, ὑπὸ τὸν ὅρον τῆς ἑνώσεως τῆς Κύπρου μὲ τὴν Ἑλλάδα. Κατὰ τὰς πληροφορίας, αἱ τροποποιήσεις ἀφοροῦν τὴν ἔκτασιν τῆς περιοχῆς καὶ τὴν διάρκειαν τῆς παραχωρήσεως, ἐνῶ συνεχίζονται αἱ ἐπαφαὶ εἰς Γενεύην.

Ἡ νέα πρότασις τοῦ κ. Ἄτσεσον προβλέπει τὴν παραχώρησιν περιοχῆς εἰς τὴν Τουρκίαν διὰ τὴν ἐγκατάστασιν στρατιωτικῆς βάσεως, ὑπὸ τὸν ὅρον τῆς ἑνώσεως τῆς Κύπρου μὲ τὴν Ἑλλάδα. Κατὰ τὰς πληροφορίας, αἱ τροποποιήσεις ἀφοροῦν τὴν ἔκτασιν τῆς περιοχῆς καὶ τὴν διάρκειαν τῆς παραχωρήσεως, ἐνῶ συνεχίζονται αἱ ἐπαφαὶ εἰς Γενεύην.

Ἡ νέα πρότασις τοῦ κ. Ἄτσεσον προβλέπει τὴν παραχώρησιν περιοχῆς εἰς τὴν Τουρκίαν διὰ τὴν ἐγκατάστασιν στρατιωτικῆς βάσεως, ὑπὸ τὸν ὅρον τῆς ἑνώσεως τῆς Κύπρου μὲ τὴν Ἑλλάδα. Κατὰ τὰς πληροφορίας, αἱ τροποποιήσεις ἀφοροῦν τὴν ἔκτασιν τῆς περιοχῆς καὶ τὴν διάρκειαν τῆς παραχωρήσεως, ἐνῶ συνεχίζονται αἱ ἐπαφαὶ εἰς Γενεύην.

Ἡ νέα πρότασις τοῦ κ. Ἄτσεσον προβλέπει τὴν παραχώρησιν περιοχῆς εἰς τὴν Τουρκίαν διὰ τὴν ἐγκατάστασιν στρατιωτικῆς βάσεως, ὑπὸ τὸν ὅρον τῆς ἑνώσεως τῆς Κύπρου μὲ τὴν Ἑλλάδα. Κατὰ τὰς πληροφορίας, αἱ τροποποιήσεις ἀφοροῦν τὴν ἔκτασιν τῆς περιοχῆς καὶ τὴν διάρκειαν τῆς παραχωρήσεως, ἐνῶ συνεχίζονται αἱ ἐπαφαὶ εἰς Γενεύην.

Ἡ νέα πρότασις τοῦ κ. Ἄτσεσον προβλέπει τὴν παραχώρησιν περιοχῆς εἰς τὴν Τουρκίαν διὰ τὴν ἐγκατάστασιν στρατιωτικῆς βάσεως, ὑπὸ τὸν ὅρον τῆς ἑνώσεως τῆς Κύπρου μὲ τὴν Ἑλλάδα. Κατὰ τὰς πληροφορίας, αἱ τροποποιήσεις ἀφοροῦν τὴν ἔκτασιν τῆς περιοχῆς καὶ τὴν διάρκειαν τῆς παραχωρήσεως, ἐνῶ συνεχίζονται αἱ ἐπαφαὶ εἰς Γενεύην.

ΝΕΑΙ ΛΑ·Ι·ΚΑΙ ΣΥΓΚΕΝΤΡΩΣΕΙΣ
ΚΑΙ ΖΩΗΡΑΙ ΔΙΑΜΑΡΤΥΡΙΑΙ ΔΙΑ
ΤΑΣ ΤΟΥΡΚΙΚΑΣ ΩΜΟΤΗΤΑΣ
Ο ΣΤΑΙΗΤ ΝΤΗΠΑΡΤΜΕΝΤ ΟΥ ΔΕΝ ΓΝΩΡΙΖΕΙ ΠΕΡΙ ΑΚΡΟΥΣΩΝ

Ἡ νέα πρότασις τοῦ κ. Ἄτσεσον προβλέπει τὴν παραχώρησιν περιοχῆς εἰς τὴν Τουρκίαν διὰ τὴν ἐγκατάστασιν στρατιωτικῆς βάσεως, ὑπὸ τὸν ὅρον τῆς ἑνώσεως τῆς Κύπρου μὲ τὴν Ἑλλάδα. Κατὰ τὰς πληροφορίας, αἱ τροποποιήσεις ἀφοροῦν τὴν ἔκτασιν τῆς περιοχῆς καὶ τὴν διάρκειαν τῆς παραχωρήσεως, ἐνῶ συνεχίζονται αἱ ἐπαφαὶ εἰς Γενεύην.

ΟΙ ΤΟΥΡΚΟΙ ΘΕΛΟΥΝ ΝΕΑΝ ΖΥΡΙΧΗΝ

Ἡ νέα πρότασις τοῦ κ. Ἄτσεσον προβλέπει τὴν παραχώρησιν περιοχῆς εἰς τὴν Τουρκίαν διὰ τὴν ἐγκατάστασιν στρατιωτικῆς βάσεως, ὑπὸ τὸν ὅρον τῆς ἑνώσεως τῆς Κύπρου μὲ τὴν Ἑλλάδα. Κατὰ τὰς πληροφορίας, αἱ τροποποιήσεις ἀφοροῦν τὴν ἔκτασιν τῆς περιοχῆς καὶ τὴν διάρκειαν τῆς παραχωρήσεως, ἐνῶ συνεχίζονται αἱ ἐπαφαὶ εἰς Γενεύην.

ΑΝΗΣΥΧΙΑ ΔΙΑ ΤΗΝ ΕΙΡΗΝΗΝ ΤΗΣ ΚΥΠΡΟΥ

Ἡ νέα πρότασις τοῦ κ. Ἄτσεσον προβλέπει τὴν παραχώρησιν περιοχῆς εἰς τὴν Τουρκίαν διὰ τὴν ἐγκατάστασιν στρατιωτικῆς βάσεως, ὑπὸ τὸν ὅρον τῆς ἑνώσεως τῆς Κύπρου μὲ τὴν Ἑλλάδα. Κατὰ τὰς πληροφορίας, αἱ τροποποιήσεις ἀφοροῦν τὴν ἔκτασιν τῆς περιοχῆς καὶ τὴν διάρκειαν τῆς παραχωρήσεως, ἐνῶ συνεχίζονται αἱ ἐπαφαὶ εἰς Γενεύην.

ΑΝΤΙΠΡΟΣΩΠΕΙΑ ΤΗΣ ΑΔΕΔΥ ΕΙΣ ΚΥΠΡΟΝ

Ἡ νέα πρότασις τοῦ κ. Ἄτσεσον προβλέπει τὴν παραχώρησιν περιοχῆς εἰς τὴν Τουρκίαν διὰ τὴν ἐγκατάστασιν στρατιωτικῆς βάσεως, ὑπὸ τὸν ὅρον τῆς ἑνώσεως τῆς Κύπρου μὲ τὴν Ἑλλάδα. Κατὰ τὰς πληροφορίας, αἱ τροποποιήσεις ἀφοροῦν τὴν ἔκτασιν τῆς περιοχῆς καὶ τὴν διάρκειαν τῆς παραχωρήσεως, ἐνῶ συνεχίζονται αἱ ἐπαφαὶ εἰς Γενεύην.

ΠΟΛΥΚΛΙΝΙΚΗ ΒΟΗΘΕΙΑ ΠΡΟΣ ΤΟΥΡΚΟΥΣ

Ἡ νέα πρότασις τοῦ κ. Ἄτσεσον προβλέπει τὴν παραχώρησιν περιοχῆς εἰς τὴν Τουρκίαν διὰ τὴν ἐγκατάστασιν στρατιωτικῆς βάσεως, ὑπὸ τὸν ὅρον τῆς ἑνώσεως τῆς Κύπρου μὲ τὴν Ἑλλάδα. Κατὰ τὰς πληροφορίας, αἱ τροποποιήσεις ἀφοροῦν τὴν ἔκτασιν τῆς περιοχῆς καὶ τὴν διάρκειαν τῆς παραχωρήσεως, ἐνῶ συνεχίζονται αἱ ἐπαφαὶ εἰς Γενεύην.

Ο ΙΕΡΟΣ ΛΟΧΟΣ

Ἡ νέα πρότασις τοῦ κ. Ἄτσεσον προβλέπει τὴν παραχώρησιν περιοχῆς εἰς τὴν Τουρκίαν διὰ τὴν ἐγκατάστασιν στρατιωτικῆς βάσεως, ὑπὸ τὸν ὅρον τῆς ἑνώσεως τῆς Κύπρου μὲ τὴν Ἑλλάδα. Κατὰ τὰς πληροφορίας, αἱ τροποποιήσεις ἀφοροῦν τὴν ἔκτασιν τῆς περιοχῆς καὶ τὴν διάρκειαν τῆς παραχωρήσεως, ἐνῶ συνεχίζονται αἱ ἐπαφαὶ εἰς Γενεύην.

ΨΗΦΙΣΜΑ ΤΗΣ ΑΔΕΔΥ

Ἡ νέα πρότασις τοῦ κ. Ἄτσεσον προβλέπει τὴν παραχώρησιν περιοχῆς εἰς τὴν Τουρκίαν διὰ τὴν ἐγκατάστασιν στρατιωτικῆς βάσεως, ὑπὸ τὸν ὅρον τῆς ἑνώσεως τῆς Κύπρου μὲ τὴν Ἑλλάδα. Κατὰ τὰς πληροφορίας, αἱ τροποποιήσεις ἀφοροῦν τὴν ἔκτασιν τῆς περιοχῆς καὶ τὴν διάρκειαν τῆς παραχωρήσεως, ἐνῶ συνεχίζονται αἱ ἐπαφαὶ εἰς Γενεύην.

ΑΘΡΟΑ ΠΡΟΣΦΟΡΑ ΑΠΑΛΟΤ ΤΟΝ ΑΘΗΝΑΙΩΝ

Ἡ νέα πρότασις τοῦ κ. Ἄτσεσον προβλέπει τὴν παραχώρησιν περιοχῆς εἰς τὴν Τουρκίαν διὰ τὴν ἐγκατάστασιν στρατιωτικῆς βάσεως, ὑπὸ τὸν ὅρον τῆς ἑνώσεως τῆς Κύπρου μὲ τὴν Ἑλλάδα. Κατὰ τὰς πληροφορίας, αἱ τροποποιήσεις ἀφοροῦν τὴν ἔκτασιν τῆς περιοχῆς καὶ τὴν διάρκειαν τῆς παραχωρήσεως, ἐνῶ συνεχίζονται αἱ ἐπαφαὶ εἰς Γενεύην.

ΣΤΑΣΙΣ ΕΡΓΑΣΙΑΣ ΤΩΝ ΤΡΑΠΕΖΙΤΙΚΩΝ

Ἡ νέα πρότασις τοῦ κ. Ἄτσεσον προβλέπει τὴν παραχώρησιν περιοχῆς εἰς τὴν Τουρκίαν διὰ τὴν ἐγκατάστασιν στρατιωτικῆς βάσεως, ὑπὸ τὸν ὅρον τῆς ἑνώσεως τῆς Κύπρου μὲ τὴν Ἑλλάδα. Κατὰ τὰς πληροφορίας, αἱ τροποποιήσεις ἀφοροῦν τὴν ἔκτασιν τῆς περιοχῆς καὶ τὴν διάρκειαν τῆς παραχωρήσεως, ἐνῶ συνεχίζονται αἱ ἐπαφαὶ εἰς Γενεύην.

ΔΙΑΜΑΡΤΥΡΙΑΙ

Ἡ νέα πρότασις τοῦ κ. Ἄτσεσον προβλέπει τὴν παραχώρησιν περιοχῆς εἰς τὴν Τουρκίαν διὰ τὴν ἐγκατάστασιν στρατιωτικῆς βάσεως, ὑπὸ τὸν ὅρον τῆς ἑνώσεως τῆς Κύπρου μὲ τὴν Ἑλλάδα. Κατὰ τὰς πληροφορίας, αἱ τροποποιήσεις ἀφοροῦν τὴν ἔκτασιν τῆς περιοχῆς καὶ τὴν διάρκειαν τῆς παραχωρήσεως, ἐνῶ συνεχίζονται αἱ ἐπαφαὶ εἰς Γενεύην.

ΕΙΣ ΤΑΣ ΠΑΤΡΑΣ

Ἡ νέα πρότασις τοῦ κ. Ἄτσεσον προβλέπει τὴν παραχώρησιν περιοχῆς εἰς τὴν Τουρκίαν διὰ τὴν ἐγκατάστασιν στρατιωτικῆς βάσεως, ὑπὸ τὸν ὅρον τῆς ἑνώσεως τῆς Κύπρου μὲ τὴν Ἑλλάδα. Κατὰ τὰς πληροφορίας, αἱ τροποποιήσεις ἀφοροῦν τὴν ἔκτασιν τῆς περιοχῆς καὶ τὴν διάρκειαν τῆς παραχωρήσεως, ἐνῶ συνεχίζονται αἱ ἐπαφαὶ εἰς Γενεύην.

ΟΔΗΓΙΑΙ ΔΙΑ ΤΗΝ ΕΜΜΕΣΟΝ ΕΚΛΟΓΗΝ ΔΗΜΑΡΧΟΥ
ΚΑΙ ΠΡΟΕΔΡΟΥ ΚΟΙΝΟΤΗΤΟΣ ΤΗΝ 23ΗΝ ΑΥΓΟΥΣΤΟΥ

Ἡ νέα πρότασις τοῦ κ. Ἄτσεσον προβλέπει τὴν παραχώρησιν περιοχῆς εἰς τὴν Τουρκίαν διὰ τὴν ἐγκατάστασιν στρατιωτικῆς βάσεως, ὑπὸ τὸν ὅρον τῆς ἑνώσεως τῆς Κύπρου μὲ τὴν Ἑλλάδα. Κατὰ τὰς πληροφορίας, αἱ τροποποιήσεις ἀφοροῦν τὴν ἔκτασιν τῆς περιοχῆς καὶ τὴν διάρκειαν τῆς παραχωρήσεως, ἐνῶ συνεχίζονται αἱ ἐπαφαὶ εἰς Γενεύην.

Ἡ νέα πρότασις τοῦ κ. Ἄτσεσον προβλέπει τὴν παραχώρησιν περιοχῆς εἰς τὴν Τουρκίαν διὰ τὴν ἐγκατάστασιν στρατιωτικῆς βάσεως, ὑπὸ τὸν ὅρον τῆς ἑνώσεως τῆς Κύπρου μὲ τὴν Ἑλλάδα. Κατὰ τὰς πληροφορίας, αἱ τροποποιήσεις ἀφοροῦν τὴν ἔκτασιν τῆς περιοχῆς καὶ τὴν διάρκειαν τῆς παραχωρήσεως, ἐνῶ συνεχίζονται αἱ ἐπαφαὶ εἰς Γενεύην.

Ἡ νέα πρότασις τοῦ κ. Ἄτσεσον προβλέπει τὴν παραχώρησιν περιοχῆς εἰς τὴν Τουρκίαν διὰ τὴν ἐγκατάστασιν στρατιωτικῆς βάσεως, ὑπὸ τὸν ὅρον τῆς ἑνώσεως τῆς Κύπρου μὲ τὴν Ἑλλάδα. Κατὰ τὰς πληροφορίας, αἱ τροποποιήσεις ἀφοροῦν τὴν ἔκτασιν τῆς περιοχῆς καὶ τὴν διάρκειαν τῆς παραχωρήσεως, ἐνῶ συνεχίζονται αἱ ἐπαφαὶ εἰς Γενεύην.

ΣΗΜΑΝΤΙΚΑΣ ΑΠΟΦΑΣΕΙΣ ΕΛΑΒΕ ΤΟ ΣΥΓΚΛΗΘΕΝ
ΕΙΣ ΒΙΕΝΝΗΝ ΔΙΕΘΝΕΣ ΤΑΧΥΔΡΟΜΙΚΟΝ ΣΥΝΕΔΡΙΟΝ

Ἡ νέα πρότασις τοῦ κ. Ἄτσεσον προβλέπει τὴν παραχώρησιν περιοχῆς εἰς τὴν Τουρκίαν διὰ τὴν ἐγκατάστασιν στρατιωτικῆς βάσεως, ὑπὸ τὸν ὅρον τῆς ἑνώσεως τῆς Κύπρου μὲ τὴν Ἑλλάδα. Κατὰ τὰς πληροφορίας, αἱ τροποποιήσεις ἀφοροῦν τὴν ἔκτασιν τῆς περιοχῆς καὶ τὴν διάρκειαν τῆς παραχωρήσεως, ἐνῶ συνεχίζονται αἱ ἐπαφαὶ εἰς Γενεύην.

Ἡ νέα πρότασις τοῦ κ. Ἄτσεσον προβλέπει τὴν παραχώρησιν περιοχῆς εἰς τὴν Τουρκίαν διὰ τὴν ἐγκατάστασιν στρατιωτικῆς βάσεως, ὑπὸ τὸν ὅρον τῆς ἑνώσεως τῆς Κύπρου μὲ τὴν Ἑλλάδα. Κατὰ τὰς πληροφορίας, αἱ τροποποιήσεις ἀφοροῦν τὴν ἔκτασιν τῆς περιοχῆς καὶ τὴν διάρκειαν τῆς παραχωρήσεως, ἐνῶ συνεχίζονται αἱ ἐπαφαὶ εἰς Γενεύην.

Ἡ νέα πρότασις τοῦ κ. Ἄτσεσον προβλέπει τὴν παραχώρησιν περιοχῆς εἰς τὴν Τουρκίαν διὰ τὴν ἐγκατάστασιν στρατιωτικῆς βάσεως, ὑπὸ τὸν ὅρον τῆς ἑνώσεως τῆς Κύπρου μὲ τὴν Ἑλλάδα. Κατὰ τὰς πληροφορίας, αἱ τροποποιήσεις ἀφοροῦν τὴν ἔκτασιν τῆς περιοχῆς καὶ τὴν διάρκειαν τῆς παραχωρήσεως, ἐνῶ συνεχίζονται αἱ ἐπαφαὶ εἰς Γενεύην.

ΟΙΚΟΠΕΔΑ ΕΙΣ ΟΙΝΟΗΝ

Ἡ νέα πρότασις τοῦ κ. Ἄτσεσον προβλέπει τὴν παραχώρησιν περιοχῆς εἰς τὴν Τουρκίαν διὰ τὴν ἐγκατάστασιν στρατιωτικῆς βάσεως, ὑπὸ τὸν ὅρον τῆς ἑνώσεως τῆς Κύπρου μὲ τὴν Ἑλλάδα. Κατὰ τὰς πληροφορίας, αἱ τροποποιήσεις ἀφοροῦν τὴν ἔκτασιν τῆς περιοχῆς καὶ τὴν διάρκειαν τῆς παραχωρήσεως, ἐνῶ συνεχίζονται αἱ ἐπαφαὶ εἰς Γενεύην.

ΑΣΤΙΚΗ ΚΤΗΜΑΤΙΚΗ ΕΤΑΙΡΙΑ ΑΘΗΝΩΝ Ο.Ε.
Πατησίων 14, ὄροφος 7ος, Γραφ. 11, τηλ. 631.981
